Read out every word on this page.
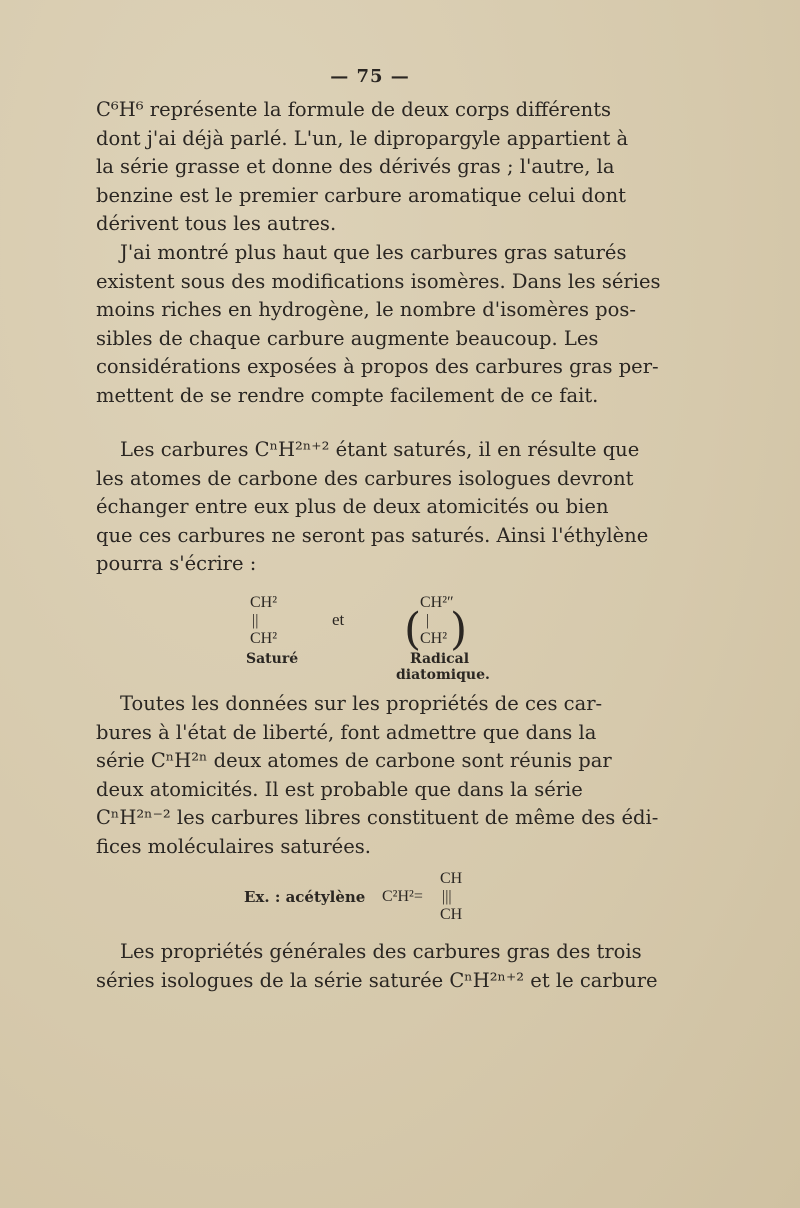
— 75 —

C⁶H⁶ représente la formule de deux corps différents
dont j'ai déjà parlé. L'un, le dipropargyle appartient à
la série grasse et donne des dérivés gras ; l'autre, la
benzine est le premier carbure aromatique celui dont
dérivent tous les autres.

J'ai montré plus haut que les carbures gras saturés
existent sous des modifications isomères. Dans les séries
moins riches en hydrogène, le nombre d'isomères pos-
sibles de chaque carbure augmente beaucoup. Les
considérations exposées à propos des carbures gras per-
mettent de se rendre compte facilement de ce fait.

Les carbures CⁿH²ⁿ⁺² étant saturés, il en résulte que
les atomes de carbone des carbures isologues devront
échanger entre eux plus de deux atomicités ou bien
que ces carbures ne seront pas saturés. Ainsi l'éthylène
pourra s'écrire :

CH²
||
CH²
Saturé
et
CH²″
( |
CH² )
Radical
diatomique.

Toutes les données sur les propriétés de ces car-
bures à l'état de liberté, font admettre que dans la
série CⁿH²ⁿ deux atomes de carbone sont réunis par
deux atomicités. Il est probable que dans la série
CⁿH²ⁿ⁻² les carbures libres constituent de même des édi-
fices moléculaires saturées.

Ex. : acétylène C²H²=
CH
|||
CH

Les propriétés générales des carbures gras des trois
séries isologues de la série saturée CⁿH²ⁿ⁺² et le carbure
